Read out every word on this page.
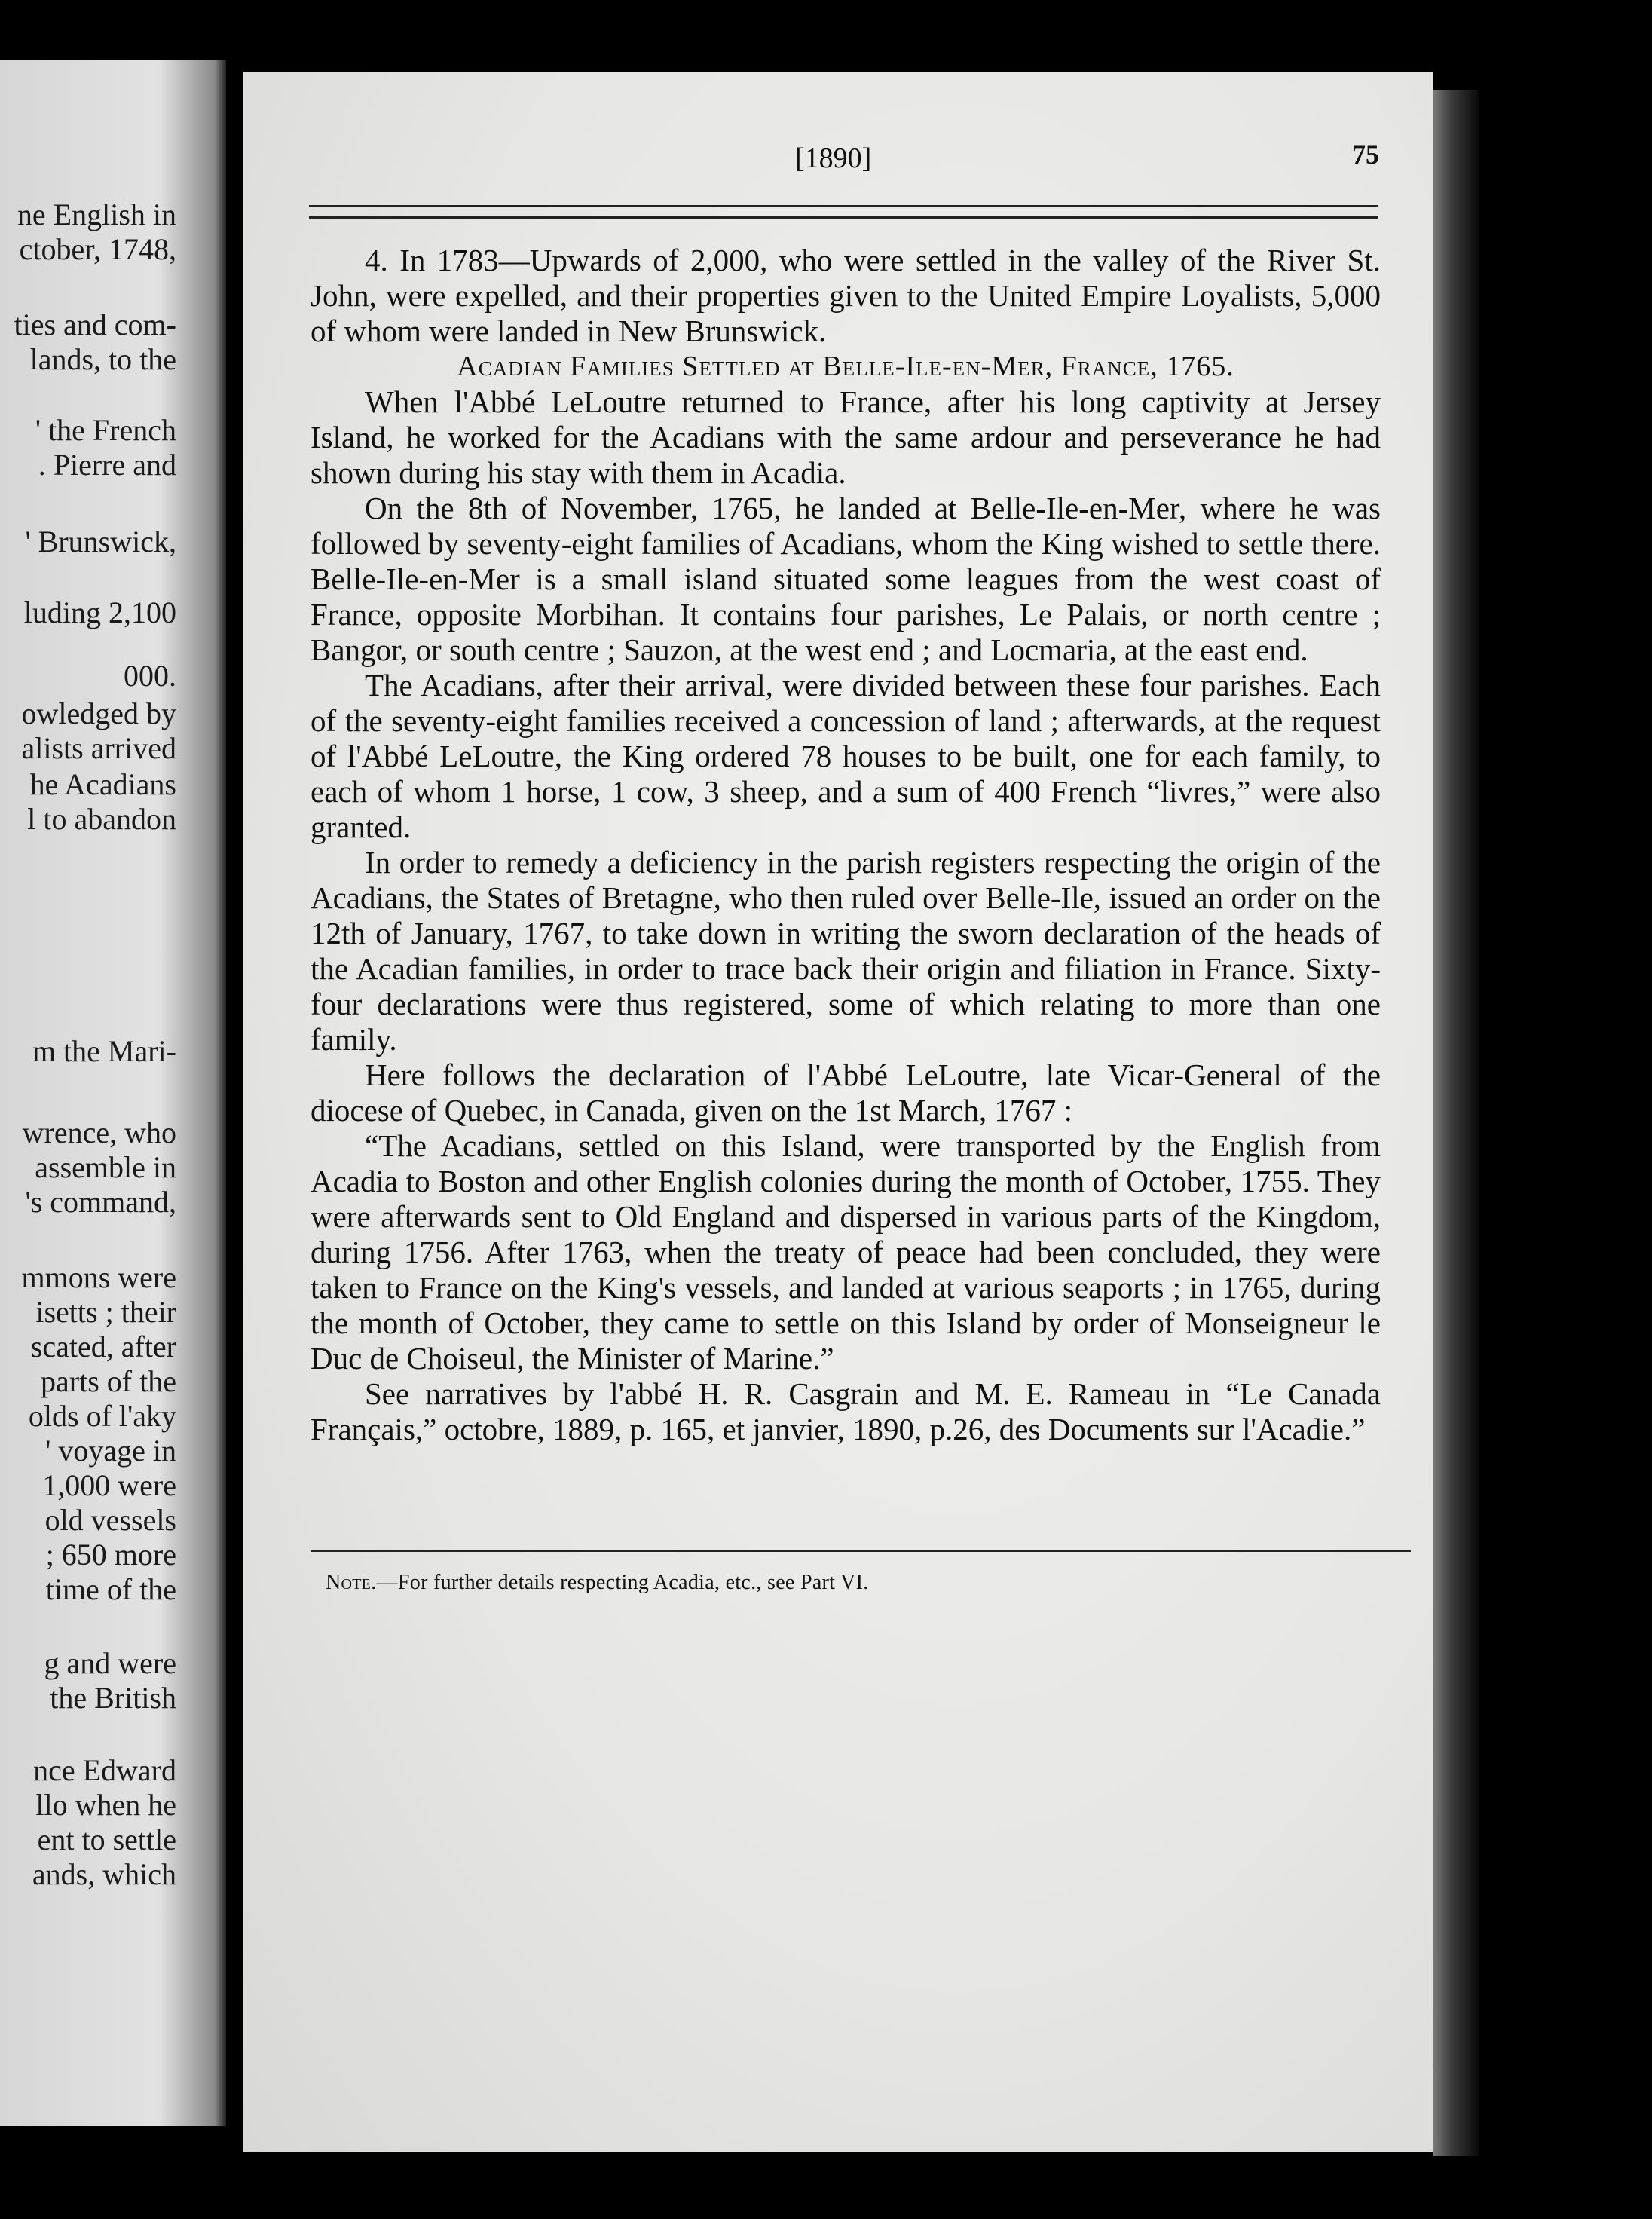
ne English in
ctober, 1748,
ties and com-
lands, to the
' the French
. Pierre and
' Brunswick,
luding 2,100
000.
owledged by
alists arrived
he Acadians
l to abandon
m the Mari-
wrence, who
assemble in
's command,
mmons were
isetts ; their
scated, after
parts of the
olds of l'aky
' voyage in
1,000 were
old vessels
; 650 more
time of the
g and were
the British
nce Edward
llo when he
ent to settle
ands, which
[1890]	75

4. In 1783—Upwards of 2,000, who were settled in the valley of the River St. John, were expelled, and their properties given to the United Empire Loyalists, 5,000 of whom were landed in New Brunswick.

Acadian Families Settled at Belle-Ile-en-Mer, France, 1765.

When l'Abbé LeLoutre returned to France, after his long captivity at Jersey Island, he worked for the Acadians with the same ardour and perseverance he had shown during his stay with them in Acadia.

On the 8th of November, 1765, he landed at Belle-Ile-en-Mer, where he was followed by seventy-eight families of Acadians, whom the King wished to settle there. Belle-Ile-en-Mer is a small island situated some leagues from the west coast of France, opposite Morbihan. It contains four parishes, Le Palais, or north centre ; Bangor, or south centre ; Sauzon, at the west end ; and Locmaria, at the east end.

The Acadians, after their arrival, were divided between these four parishes. Each of the seventy-eight families received a concession of land ; afterwards, at the request of l'Abbé LeLoutre, the King ordered 78 houses to be built, one for each family, to each of whom 1 horse, 1 cow, 3 sheep, and a sum of 400 French “livres,” were also granted.

In order to remedy a deficiency in the parish registers respecting the origin of the Acadians, the States of Bretagne, who then ruled over Belle-Ile, issued an order on the 12th of January, 1767, to take down in writing the sworn declaration of the heads of the Acadian families, in order to trace back their origin and filiation in France. Sixty-four declarations were thus registered, some of which relating to more than one family.

Here follows the declaration of l'Abbé LeLoutre, late Vicar-General of the diocese of Quebec, in Canada, given on the 1st March, 1767 :

“The Acadians, settled on this Island, were transported by the English from Acadia to Boston and other English colonies during the month of October, 1755. They were afterwards sent to Old England and dispersed in various parts of the Kingdom, during 1756. After 1763, when the treaty of peace had been concluded, they were taken to France on the King's vessels, and landed at various seaports ; in 1765, during the month of October, they came to settle on this Island by order of Monseigneur le Duc de Choiseul, the Minister of Marine.”

See narratives by l'abbé H. R. Casgrain and M. E. Rameau in “Le Canada Français,” octobre, 1889, p. 165, et janvier, 1890, p.26, des Documents sur l'Acadie.”

Note.—For further details respecting Acadia, etc., see Part VI.
